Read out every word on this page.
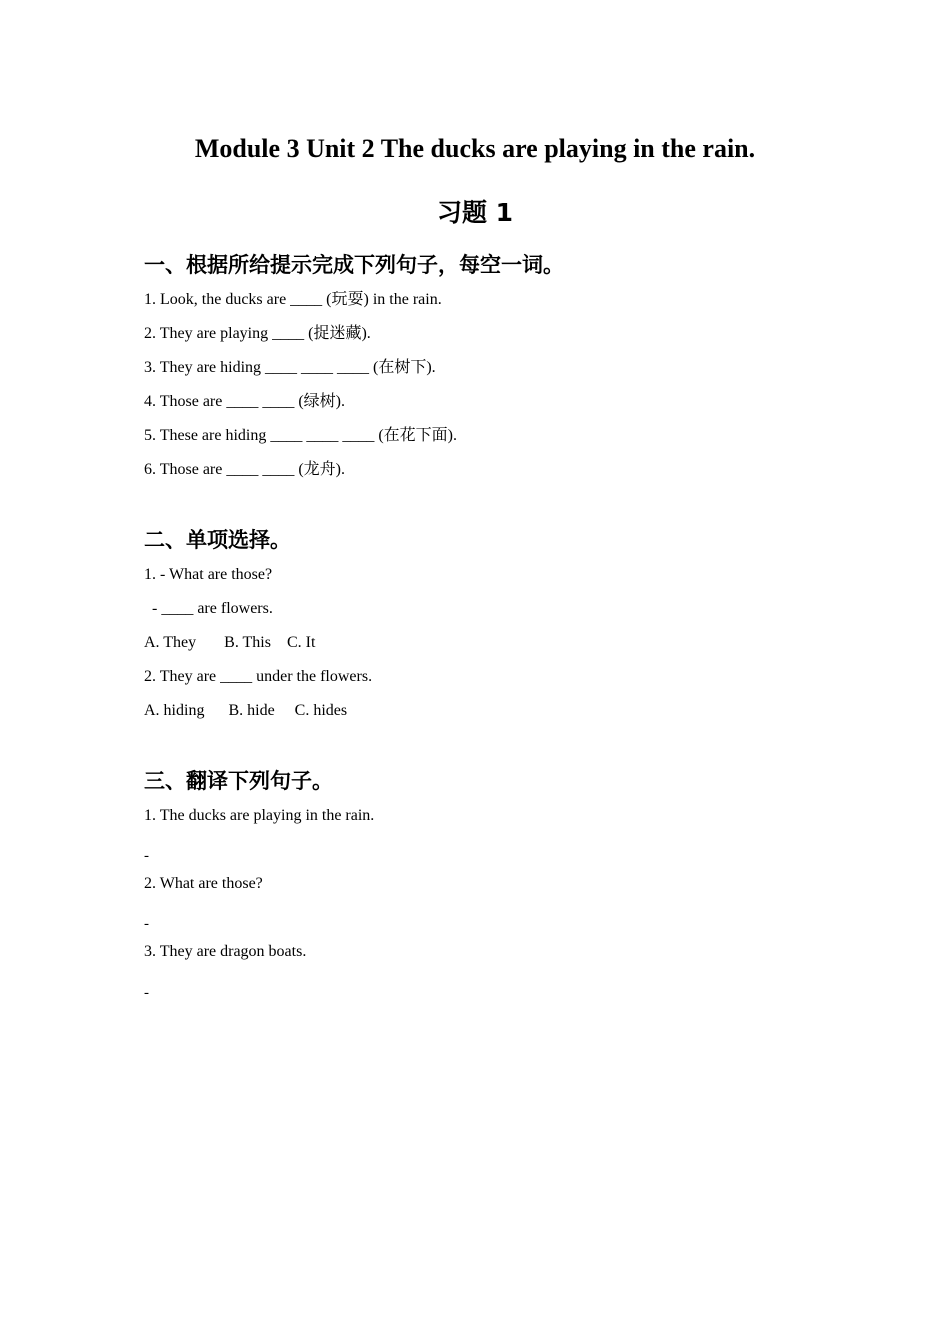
Module 3 Unit 2 The ducks are playing in the rain.
习题 1
一、根据所给提示完成下列句子，每空一词。
1. Look, the ducks are ____ (玩耍) in the rain.
2. They are playing ____ (捉迷藏).
3. They are hiding ____ ____ ____ (在树下).
4. Those are ____ ____ (绿树).
5. These are hiding ____ ____ ____ (在花下面).
6. Those are ____ ____ (龙舟).
二、单项选择。
1. - What are those?
- ____ are flowers.
A. They       B. This    C. It
2. They are ____ under the flowers.
A. hiding      B. hide     C. hides
三、翻译下列句子。
1. The ducks are playing in the rain.
-
2. What are those?
-
3. They are dragon boats.
-
